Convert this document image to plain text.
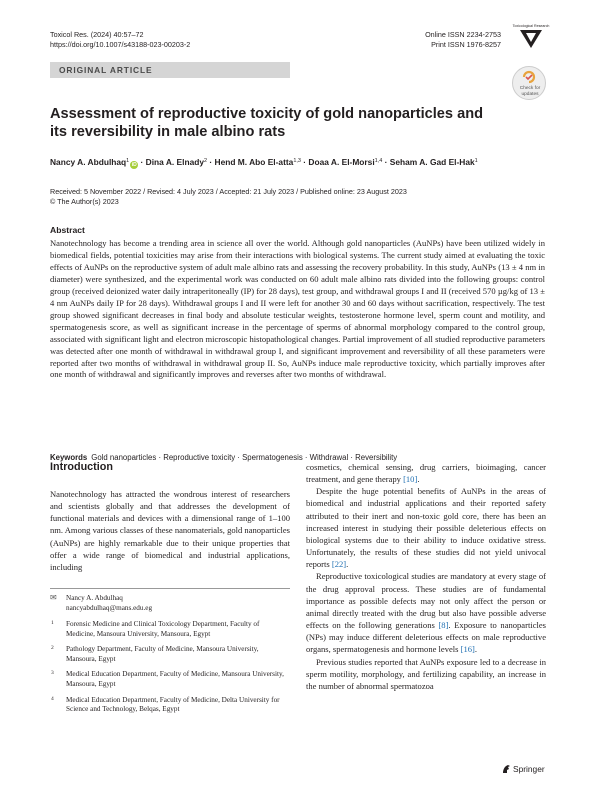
Toxicol Res. (2024) 40:57–72
https://doi.org/10.1007/s43188-023-00203-2
Online ISSN 2234-2753
Print ISSN 1976-8257
Toxicological Research
ORIGINAL ARTICLE
Check for
updates
Assessment of reproductive toxicity of gold nanoparticles and its reversibility in male albino rats
Nancy A. Abdulhaq$^1$iD · Dina A. Elnady$^2$ · Hend M. Abo El-atta$^{1,3}$ · Doaa A. El-Morsi$^{1,4}$ · Seham A. Gad El-Hak$^1$
Received: 5 November 2022 / Revised: 4 July 2023 / Accepted: 21 July 2023 / Published online: 23 August 2023
© The Author(s) 2023
Abstract
Nanotechnology has become a trending area in science all over the world. Although gold nanoparticles (AuNPs) have been utilized widely in biomedical fields, potential toxicities may arise from their interactions with biological systems. The current study aimed at evaluating the toxic effects of AuNPs on the reproductive system of adult male albino rats and assessing the recovery probability. In this study, AuNPs (13 ± 4 nm in diameter) were synthesized, and the experimental work was conducted on 60 adult male albino rats divided into the following groups: control group (received deionized water daily intraperitoneally (IP) for 28 days), test group, and withdrawal groups I and II (received 570 µg/kg of 13 ± 4 nm AuNPs daily IP for 28 days). Withdrawal groups I and II were left for another 30 and 60 days without sacrification, respectively. The test group showed significant decreases in final body and absolute testicular weights, testosterone hormone level, sperm count and motility, and spermatogenesis score, as well as significant increase in the percentage of sperms of abnormal morphology compared to the control group, associated with significant light and electron microscopic histopathological changes. Partial improvement of all studied reproductive parameters was detected after one month of withdrawal in withdrawal group I, and significant improvement and reversibility of all these parameters were reported after two months of withdrawal in withdrawal group II. So, AuNPs induce male reproductive toxicity, which partially improves after one month of withdrawal and significantly improves and reverses after two months of withdrawal.
Keywords Gold nanoparticles · Reproductive toxicity · Spermatogenesis · Withdrawal · Reversibility
Introduction

Nanotechnology has attracted the wondrous interest of researchers and scientists globally and that addresses the development of functional materials and devices with a dimensional range of 1–100 nm. Among various classes of these nanomaterials, gold nanoparticles (AuNPs) are highly remarkable due to their unique properties that offer a wide range of biomedical and industrial applications, including

cosmetics, chemical sensing, drug carriers, bioimaging, cancer treatment, and gene therapy [10].

Despite the huge potential benefits of AuNPs in the areas of biomedical and industrial applications and their reported safety attributed to their inert and non-toxic gold core, there has been an increased interest in studying their possible deleterious effects on biological systems due to their ability to induce oxidative stress. Unfortunately, the results of these studies did not yield univocal reports [22].

Reproductive toxicological studies are mandatory at every stage of the drug approval process. These studies are of fundamental importance as possible defects may not only affect the person or animal directly treated with the drug but also have possible adverse effects on the following generations [8]. Exposure to nanoparticles (NPs) may induce different deleterious effects on male reproductive organs, spermatogenesis and hormone levels [16].

Previous studies reported that AuNPs exposure led to a decrease in sperm motility, morphology, and fertilizing capability, an increase in the number of abnormal spermatozoa

✉ Nancy A. Abdulhaq
nancyabdulhaq@mans.edu.eg
1 Forensic Medicine and Clinical Toxicology Department, Faculty of Medicine, Mansoura University, Mansoura, Egypt
2 Pathology Department, Faculty of Medicine, Mansoura University, Mansoura, Egypt
3 Medical Education Department, Faculty of Medicine, Mansoura University, Mansoura, Egypt
4 Medical Education Department, Faculty of Medicine, Delta University for Science and Technology, Belqas, Egypt
Springer
